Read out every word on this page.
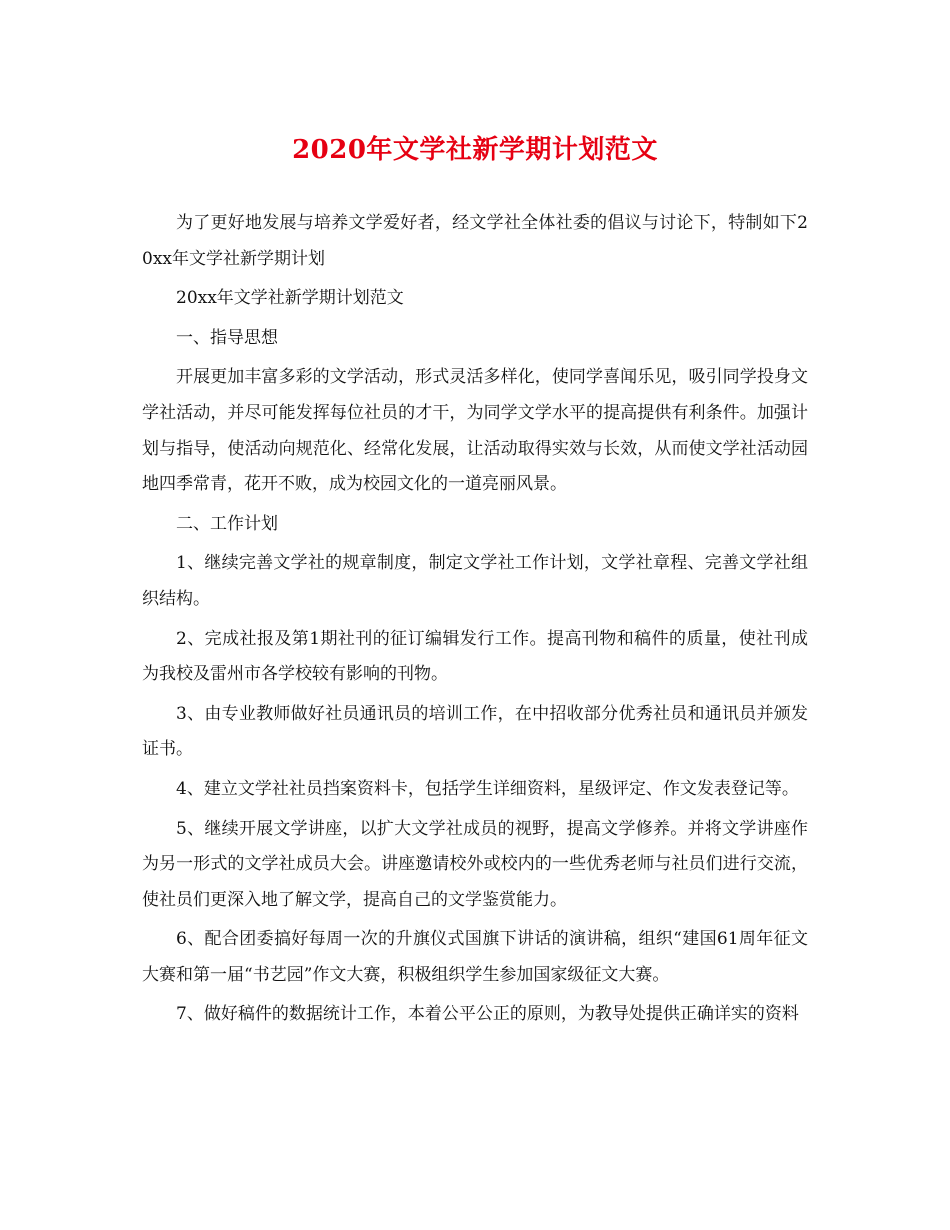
2020年文学社新学期计划范文

为了更好地发展与培养文学爱好者，经文学社全体社委的倡议与讨论下，特制如下20xx年文学社新学期计划

20xx年文学社新学期计划范文

一、指导思想

开展更加丰富多彩的文学活动，形式灵活多样化，使同学喜闻乐见，吸引同学投身文学社活动，并尽可能发挥每位社员的才干，为同学文学水平的提高提供有利条件。加强计划与指导，使活动向规范化、经常化发展，让活动取得实效与长效，从而使文学社活动园地四季常青，花开不败，成为校园文化的一道亮丽风景。

二、工作计划

1、继续完善文学社的规章制度，制定文学社工作计划，文学社章程、完善文学社组织结构。

2、完成社报及第1期社刊的征订编辑发行工作。提高刊物和稿件的质量，使社刊成为我校及雷州市各学校较有影响的刊物。

3、由专业教师做好社员通讯员的培训工作，在中招收部分优秀社员和通讯员并颁发证书。

4、建立文学社社员挡案资料卡，包括学生详细资料，星级评定、作文发表登记等。

5、继续开展文学讲座，以扩大文学社成员的视野，提高文学修养。并将文学讲座作为另一形式的文学社成员大会。讲座邀请校外或校内的一些优秀老师与社员们进行交流，使社员们更深入地了解文学，提高自己的文学鉴赏能力。

6、配合团委搞好每周一次的升旗仪式国旗下讲话的演讲稿，组织“建国61周年征文大赛和第一届“书艺园”作文大赛，积极组织学生参加国家级征文大赛。

7、做好稿件的数据统计工作，本着公平公正的原则，为教导处提供正确详实的资料
